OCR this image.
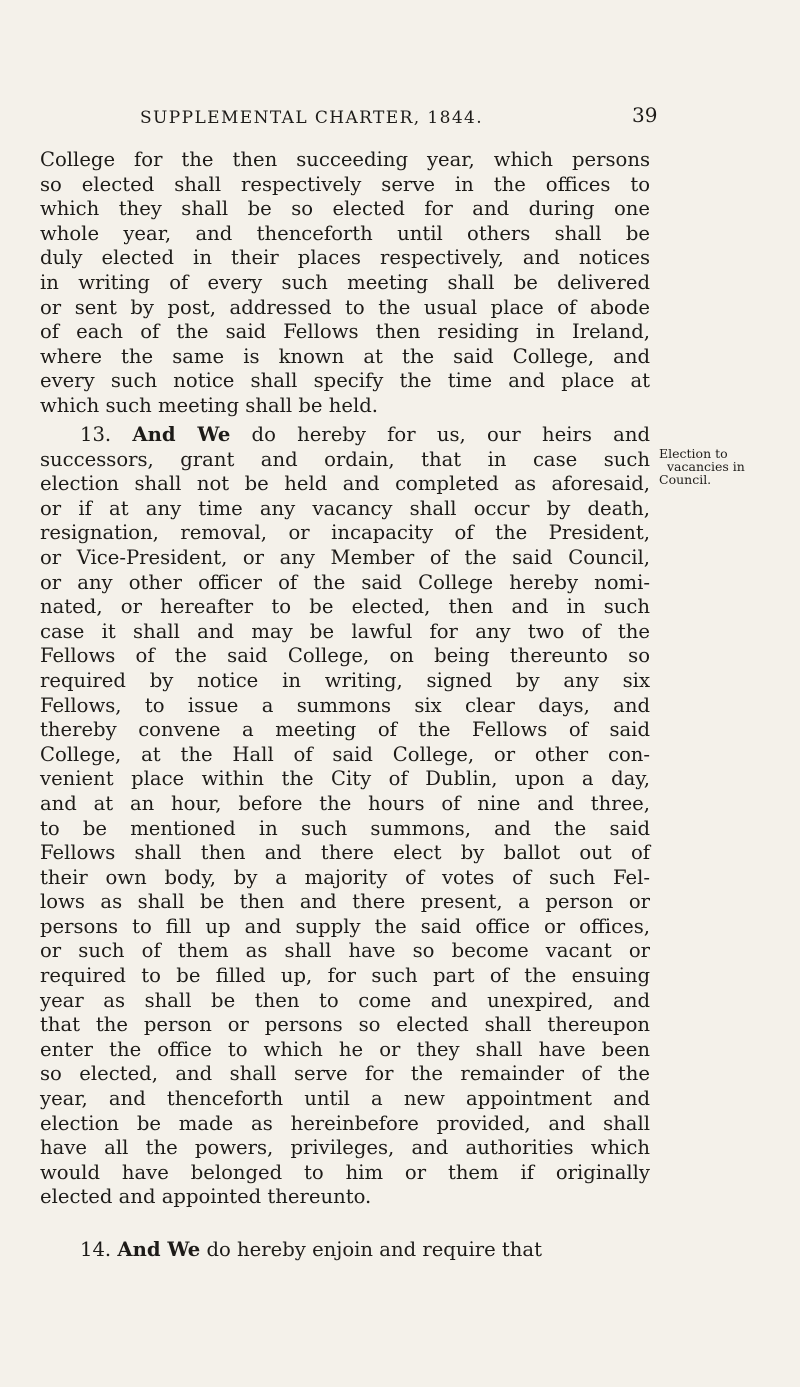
SUPPLEMENTAL CHARTER, 1844.	39
College for the then succeeding year, which persons
so elected shall respectively serve in the offices to
which they shall be so elected for and during one
whole year, and thenceforth until others shall be
duly elected in their places respectively, and notices
in writing of every such meeting shall be delivered
or sent by post, addressed to the usual place of abode
of each of the said Fellows then residing in Ireland,
where the same is known at the said College, and
every such notice shall specify the time and place at
which such meeting shall be held.
13. And We do hereby for us, our heirs and
successors, grant and ordain, that in case such
election shall not be held and completed as aforesaid,
or if at any time any vacancy shall occur by death,
resignation, removal, or incapacity of the President,
or Vice-President, or any Member of the said Council,
or any other officer of the said College hereby nomi-
nated, or hereafter to be elected, then and in such
case it shall and may be lawful for any two of the
Fellows of the said College, on being thereunto so
required by notice in writing, signed by any six
Fellows, to issue a summons six clear days, and
thereby convene a meeting of the Fellows of said
College, at the Hall of said College, or other con-
venient place within the City of Dublin, upon a day,
and at an hour, before the hours of nine and three,
to be mentioned in such summons, and the said
Fellows shall then and there elect by ballot out of
their own body, by a majority of votes of such Fel-
lows as shall be then and there present, a person or
persons to fill up and supply the said office or offices,
or such of them as shall have so become vacant or
required to be filled up, for such part of the ensuing
year as shall be then to come and unexpired, and
that the person or persons so elected shall thereupon
enter the office to which he or they shall have been
so elected, and shall serve for the remainder of the
year, and thenceforth until a new appointment and
election be made as hereinbefore provided, and shall
have all the powers, privileges, and authorities which
would have belonged to him or them if originally
elected and appointed thereunto.
Election to
vacancies in
Council.
14. And We do hereby enjoin and require that
